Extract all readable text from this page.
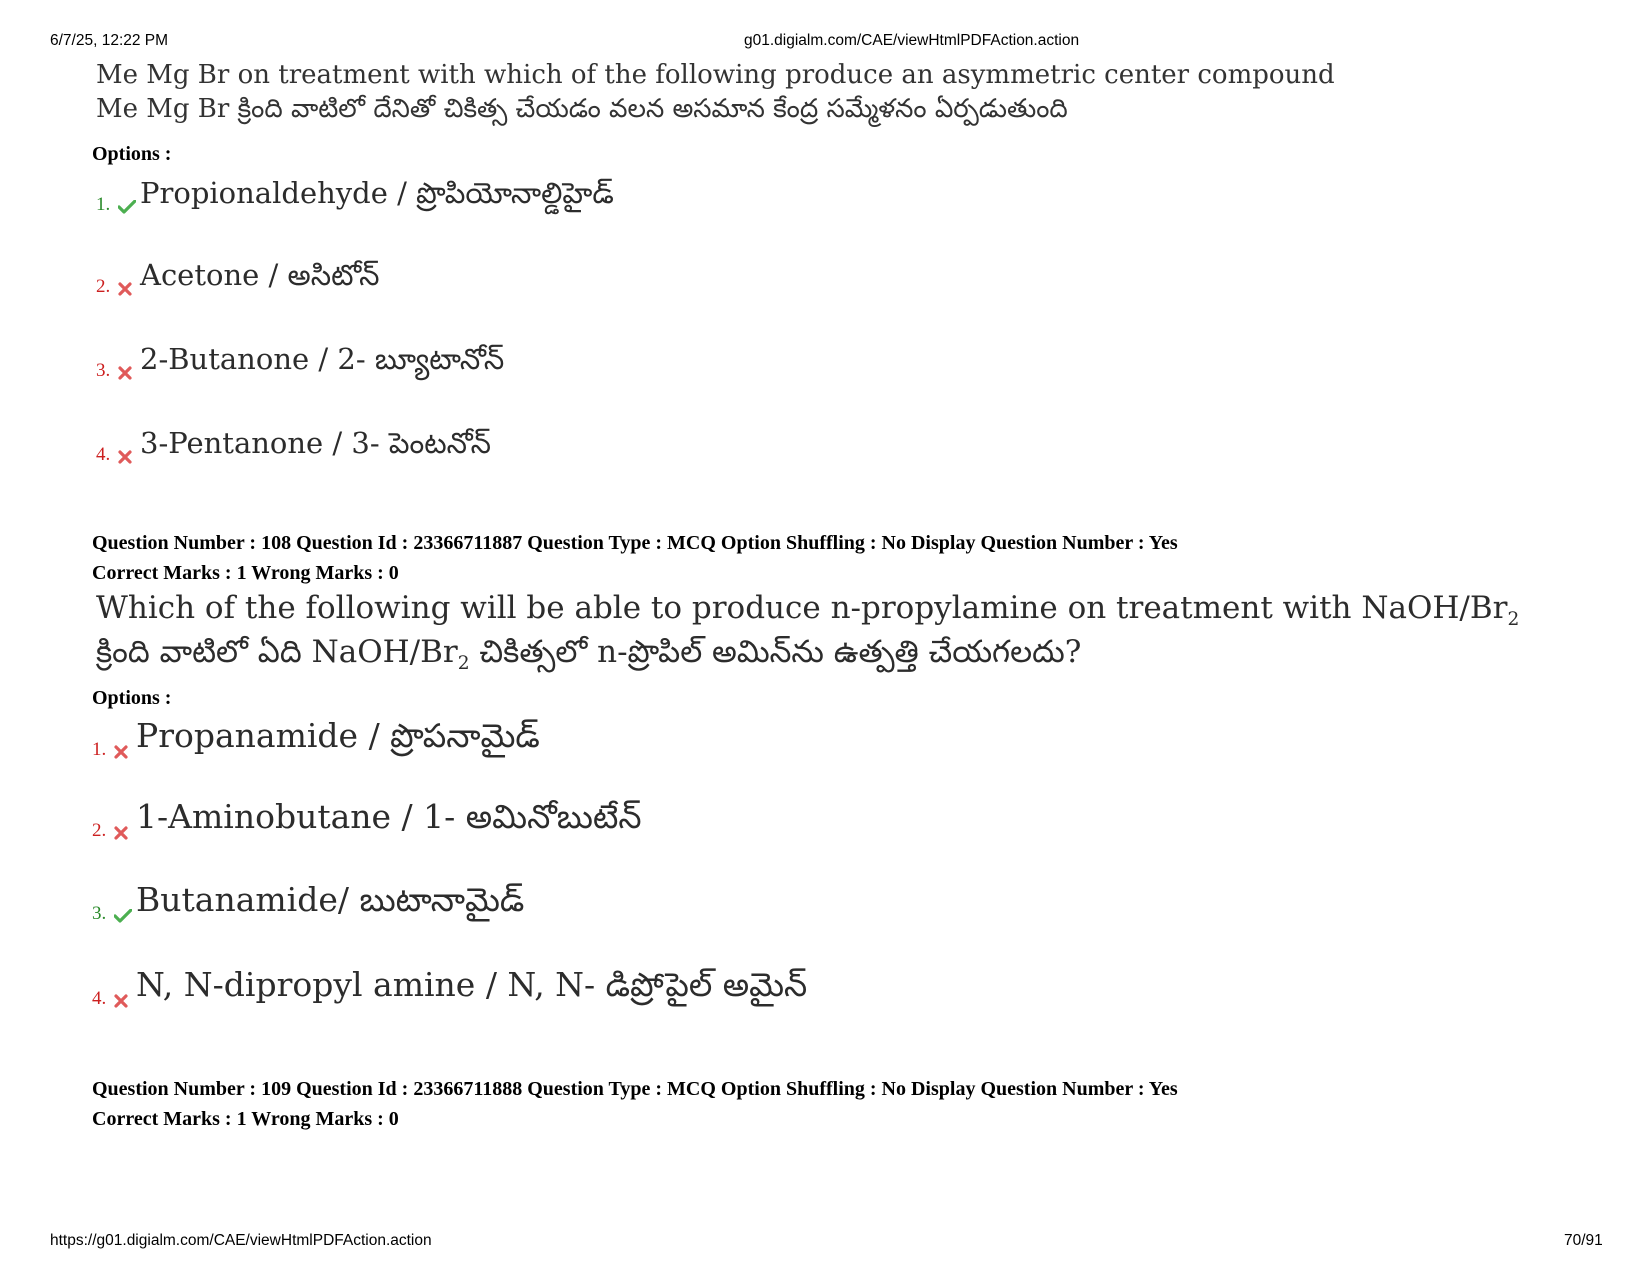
6/7/25, 12:22 PM	g01.digialm.com/CAE/viewHtmlPDFAction.action
Me Mg Br on treatment with which of the following produce an asymmetric center compound
Me Mg Br క్రింది వాటిలో దేనితో చికిత్స చేయడం వలన అసమాన కేంద్ర సమ్మేళనం ఏర్పడుతుంది
Options :
1. Propionaldehyde / ప్రొపియోనాల్డిహైడ్
2. Acetone / అసిటోన్
3. 2-Butanone / 2- బ్యూటానోన్
4. 3-Pentanone / 3- పెంటనోన్
Question Number : 108 Question Id : 23366711887 Question Type : MCQ Option Shuffling : No Display Question Number : Yes
Correct Marks : 1 Wrong Marks : 0
Which of the following will be able to produce n-propylamine on treatment with NaOH/$Br_2$
క్రింది వాటిలో ఏది NaOH/$Br_2$ చికిత్సలో n-ప్రొపిల్ అమిన్‌ను ఉత్పత్తి చేయగలదు?
Options :
1. Propanamide / ప్రొపనామైడ్
2. 1-Aminobutane / 1- అమినోబుటేన్
3. Butanamide/ బుటానామైడ్
4. N, N-dipropyl amine / N, N- డిప్రోపైల్ అమైన్
Question Number : 109 Question Id : 23366711888 Question Type : MCQ Option Shuffling : No Display Question Number : Yes
Correct Marks : 1 Wrong Marks : 0
https://g01.digialm.com/CAE/viewHtmlPDFAction.action	70/91
